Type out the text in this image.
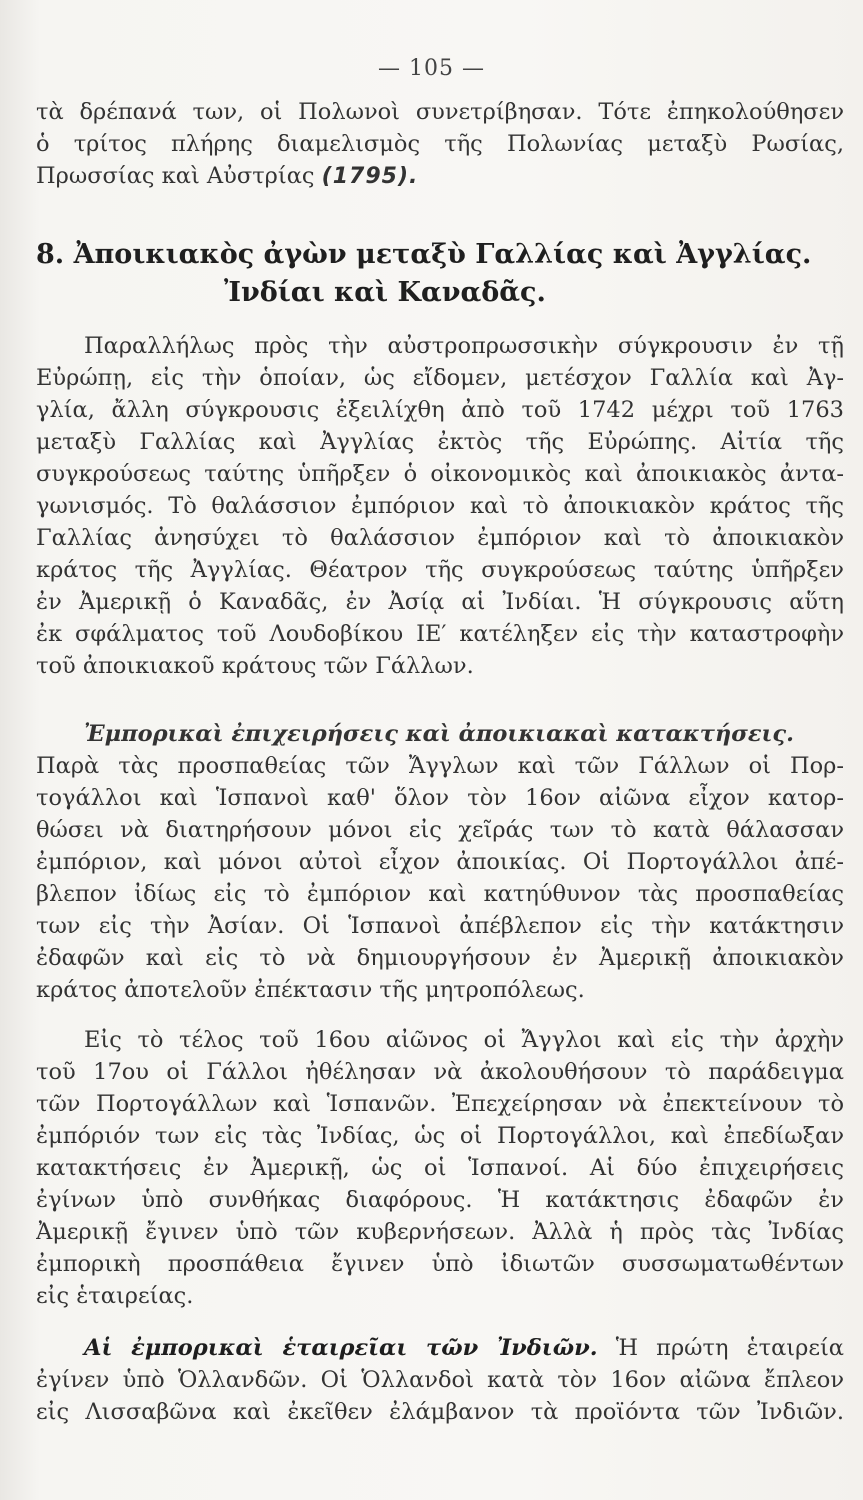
— 105 —
τὰ δρέπανά των, οἱ Πολωνοὶ συνετρίβησαν. Τότε ἐπηκολούθησεν
ὁ τρίτος πλήρης διαμελισμὸς τῆς Πολωνίας μεταξὺ Ρωσίας,
Πρωσσίας καὶ Αὐστρίας (1795).
8. Ἀποικιακὸς ἀγὼν μεταξὺ Γαλλίας καὶ Ἀγγλίας.
Ἰνδίαι καὶ Καναδᾶς.
Παραλλήλως πρὸς τὴν αὐστροπρωσσικὴν σύγκρουσιν ἐν τῇ
Εὐρώπῃ, εἰς τὴν ὁποίαν, ὡς εἴδομεν, μετέσχον Γαλλία καὶ Ἀγ-
γλία, ἄλλη σύγκρουσις ἐξειλίχθη ἀπὸ τοῦ 1742 μέχρι τοῦ 1763
μεταξὺ Γαλλίας καὶ Ἀγγλίας ἐκτὸς τῆς Εὐρώπης. Αἰτία τῆς
συγκρούσεως ταύτης ὑπῆρξεν ὁ οἰκονομικὸς καὶ ἀποικιακὸς ἀντα-
γωνισμός. Τὸ θαλάσσιον ἐμπόριον καὶ τὸ ἀποικιακὸν κράτος τῆς
Γαλλίας ἀνησύχει τὸ θαλάσσιον ἐμπόριον καὶ τὸ ἀποικιακὸν
κράτος τῆς Ἀγγλίας. Θέατρον τῆς συγκρούσεως ταύτης ὑπῆρξεν
ἐν Ἀμερικῇ ὁ Καναδᾶς, ἐν Ἀσίᾳ αἱ Ἰνδίαι. Ἡ σύγκρουσις αὕτη
ἐκ σφάλματος τοῦ Λουδοβίκου ΙΕ′ κατέληξεν εἰς τὴν καταστροφὴν
τοῦ ἀποικιακοῦ κράτους τῶν Γάλλων.
Ἐμπορικαὶ ἐπιχειρήσεις καὶ ἀποικιακαὶ κατακτήσεις.
Παρὰ τὰς προσπαθείας τῶν Ἄγγλων καὶ τῶν Γάλλων οἱ Πορ-
τογάλλοι καὶ Ἱσπανοὶ καθ' ὅλον τὸν 16ον αἰῶνα εἶχον κατορ-
θώσει νὰ διατηρήσουν μόνοι εἰς χεῖράς των τὸ κατὰ θάλασσαν
ἐμπόριον, καὶ μόνοι αὐτοὶ εἶχον ἀποικίας. Οἱ Πορτογάλλοι ἀπέ-
βλεπον ἰδίως εἰς τὸ ἐμπόριον καὶ κατηύθυνον τὰς προσπαθείας
των εἰς τὴν Ἀσίαν. Οἱ Ἱσπανοὶ ἀπέβλεπον εἰς τὴν κατάκτησιν
ἐδαφῶν καὶ εἰς τὸ νὰ δημιουργήσουν ἐν Ἀμερικῇ ἀποικιακὸν
κράτος ἀποτελοῦν ἐπέκτασιν τῆς μητροπόλεως.
Εἰς τὸ τέλος τοῦ 16ου αἰῶνος οἱ Ἄγγλοι καὶ εἰς τὴν ἀρχὴν
τοῦ 17ου οἱ Γάλλοι ἠθέλησαν νὰ ἀκολουθήσουν τὸ παράδειγμα
τῶν Πορτογάλλων καὶ Ἱσπανῶν. Ἐπεχείρησαν νὰ ἐπεκτείνουν τὸ
ἐμπόριόν των εἰς τὰς Ἰνδίας, ὡς οἱ Πορτογάλλοι, καὶ ἐπεδίωξαν
κατακτήσεις ἐν Ἀμερικῇ, ὡς οἱ Ἱσπανοί. Αἱ δύο ἐπιχειρήσεις
ἐγίνων ὑπὸ συνθήκας διαφόρους. Ἡ κατάκτησις ἐδαφῶν ἐν
Ἀμερικῇ ἔγινεν ὑπὸ τῶν κυβερνήσεων. Ἀλλὰ ἡ πρὸς τὰς Ἰνδίας
ἐμπορικὴ προσπάθεια ἔγινεν ὑπὸ ἰδιωτῶν συσσωματωθέντων
εἰς ἑταιρείας.
Αἱ ἐμπορικαὶ ἑταιρεῖαι τῶν Ἰνδιῶν. Ἡ πρώτη ἑταιρεία
ἐγίνεν ὑπὸ Ὁλλανδῶν. Οἱ Ὁλλανδοὶ κατὰ τὸν 16ον αἰῶνα ἔπλεον
εἰς Λισσαβῶνα καὶ ἐκεῖθεν ἐλάμβανον τὰ προϊόντα τῶν Ἰνδιῶν.
